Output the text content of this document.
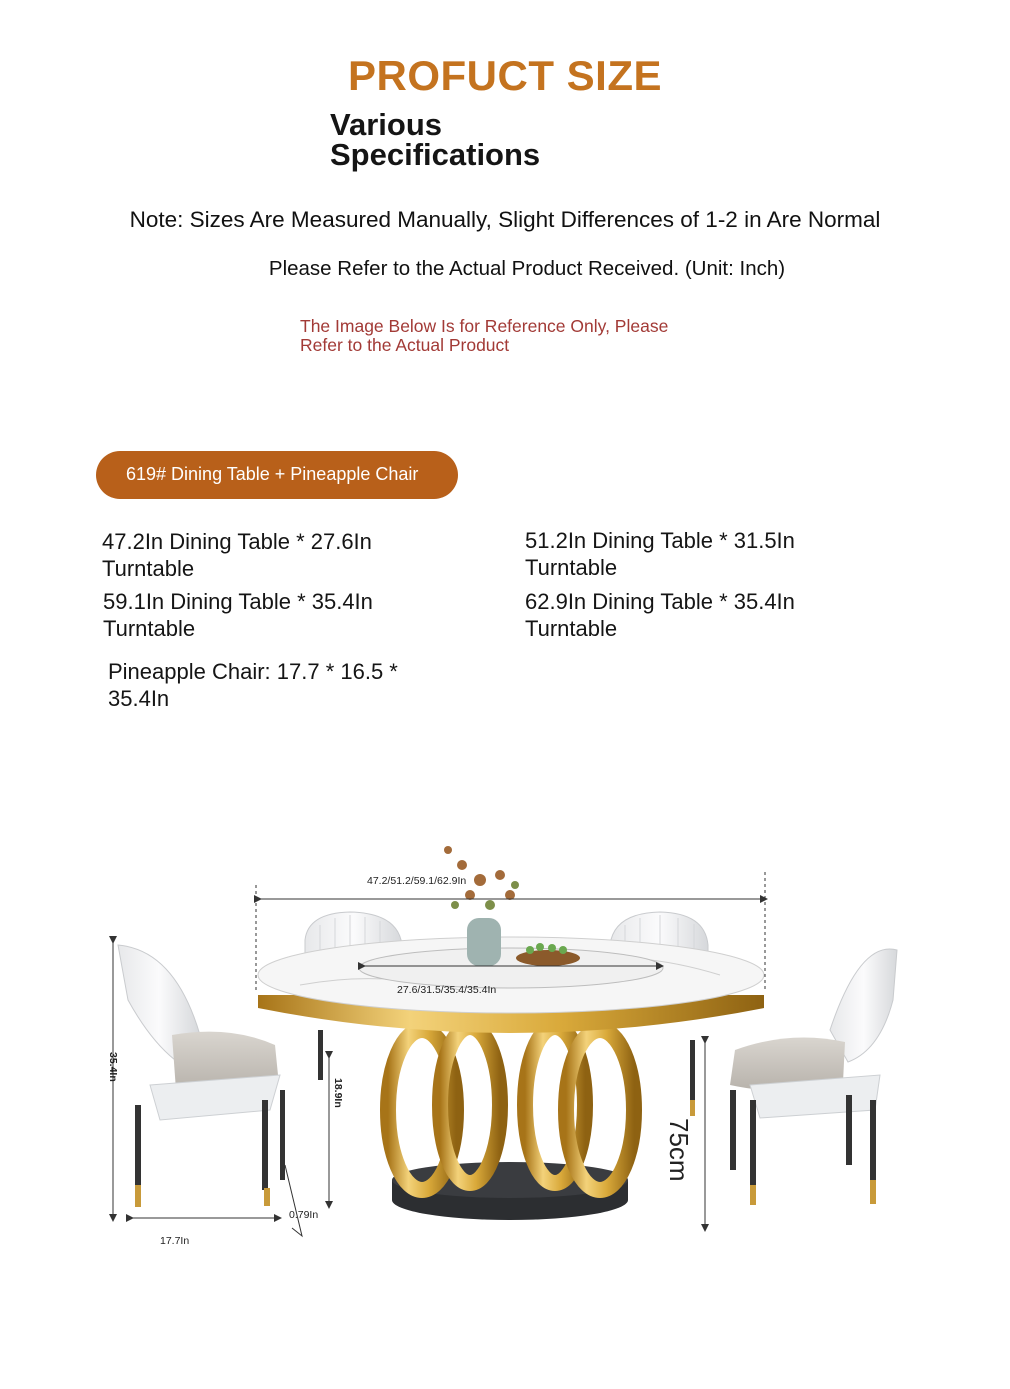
PROFUCT SIZE
Various
Specifications
Note: Sizes Are Measured Manually, Slight Differences of 1-2 in Are Normal
Please Refer to the Actual Product Received. (Unit: Inch)
The Image Below Is for Reference Only, Please
Refer to the Actual Product
619# Dining Table + Pineapple Chair
47.2In Dining Table * 27.6In Turntable
51.2In Dining Table * 31.5In Turntable
59.1In Dining Table * 35.4In Turntable
62.9In Dining Table * 35.4In Turntable
Pineapple Chair: 17.7 * 16.5 * 35.4In
47.2/51.2/59.1/62.9In
27.6/31.5/35.4/35.4In
35.4In
18.9In
0.79In
17.7In
75cm
